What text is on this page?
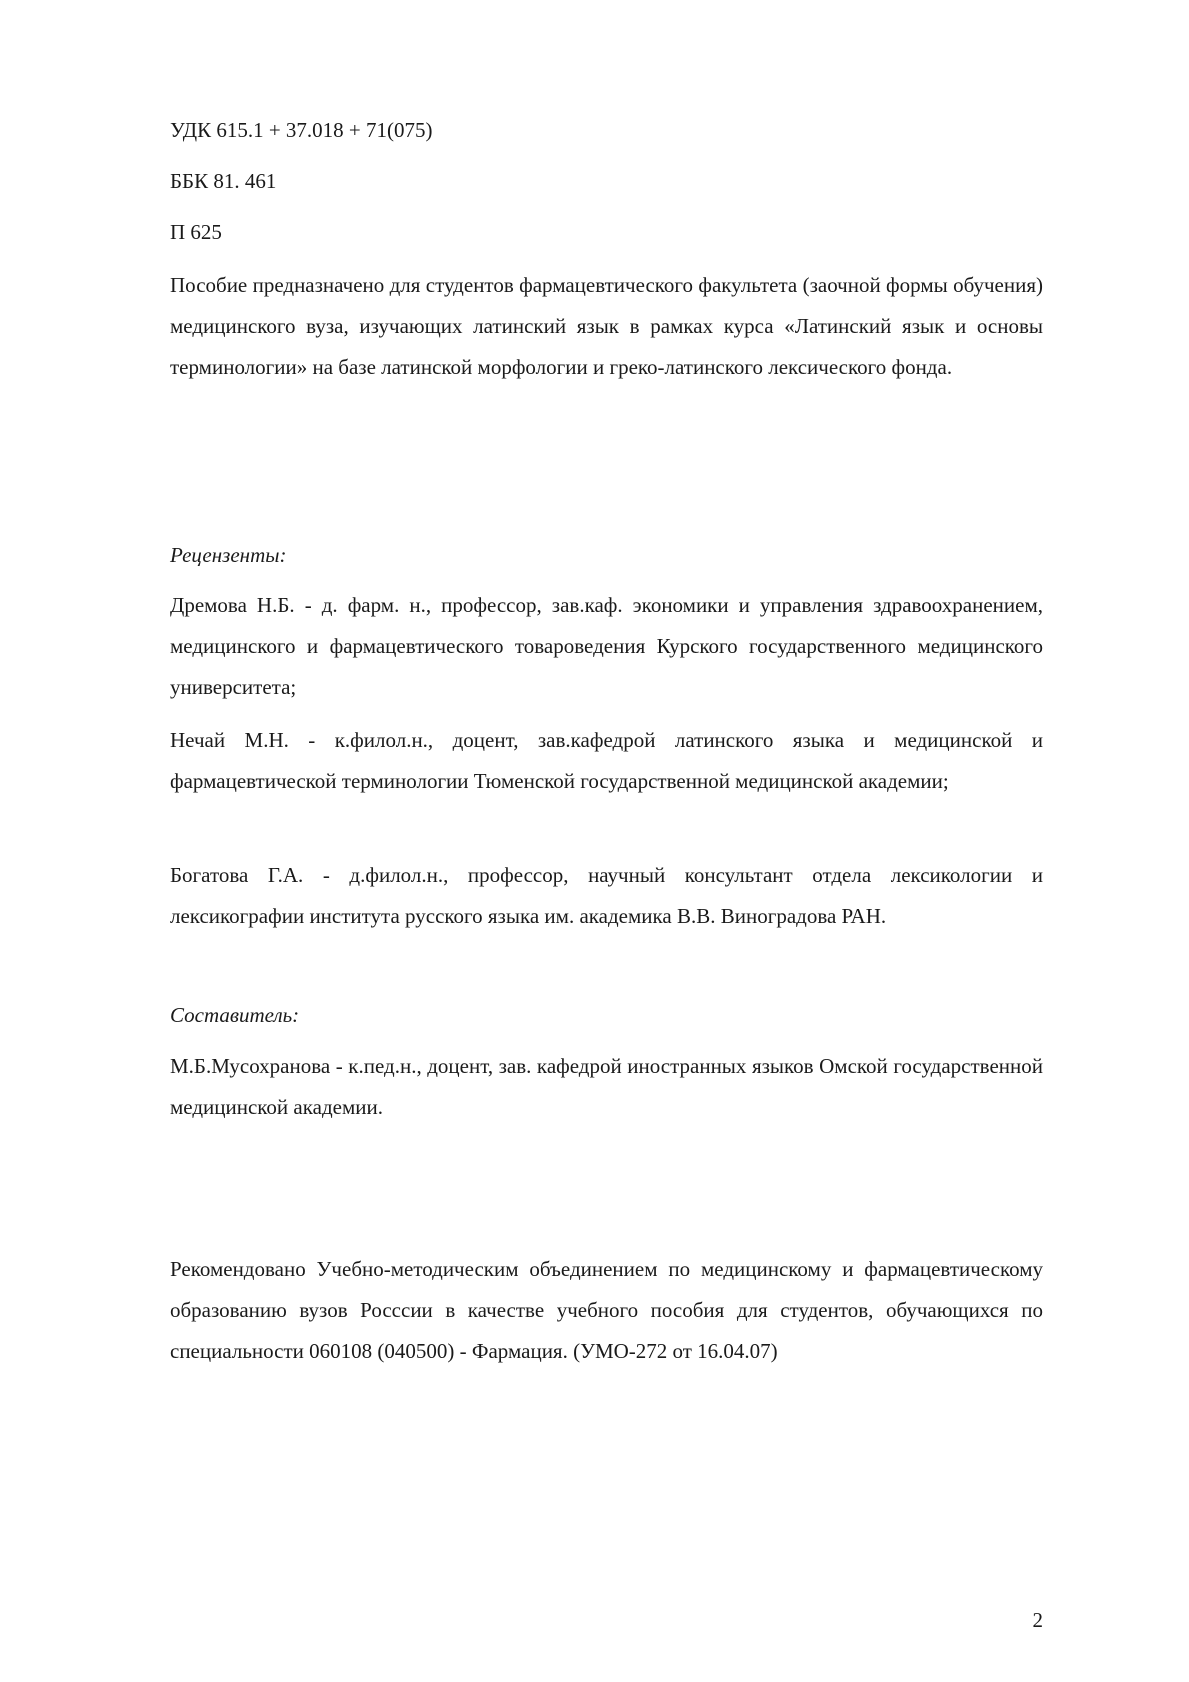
УДК 615.1 + 37.018 + 71(075)

ББК 81. 461

П 625

Пособие предназначено для студентов фармацевтического факультета (заочной формы обучения) медицинского вуза, изучающих латинский язык в рамках курса «Латинский язык и основы терминологии» на базе латинской морфологии и греко-латинского лексического фонда.

Рецензенты:

Дремова Н.Б. - д. фарм. н., профессор, зав.каф. экономики и управления здравоохранением, медицинского и фармацевтического товароведения Курского государственного медицинского университета;

Нечай М.Н. - к.филол.н., доцент, зав.кафедрой латинского языка и медицинской и фармацевтической терминологии Тюменской государственной медицинской академии;

Богатова Г.А. - д.филол.н., профессор, научный консультант отдела лексикологии и лексикографии института русского языка им. академика В.В. Виноградова РАН.

Составитель:

М.Б.Мусохранова - к.пед.н., доцент, зав. кафедрой иностранных языков Омской государственной медицинской академии.

Рекомендовано Учебно-методическим объединением по медицинскому и фармацевтическому образованию вузов Россcии в качестве учебного пособия для студентов, обучающихся по специальности 060108 (040500) - Фармация. (УМО-272 от 16.04.07)

2
